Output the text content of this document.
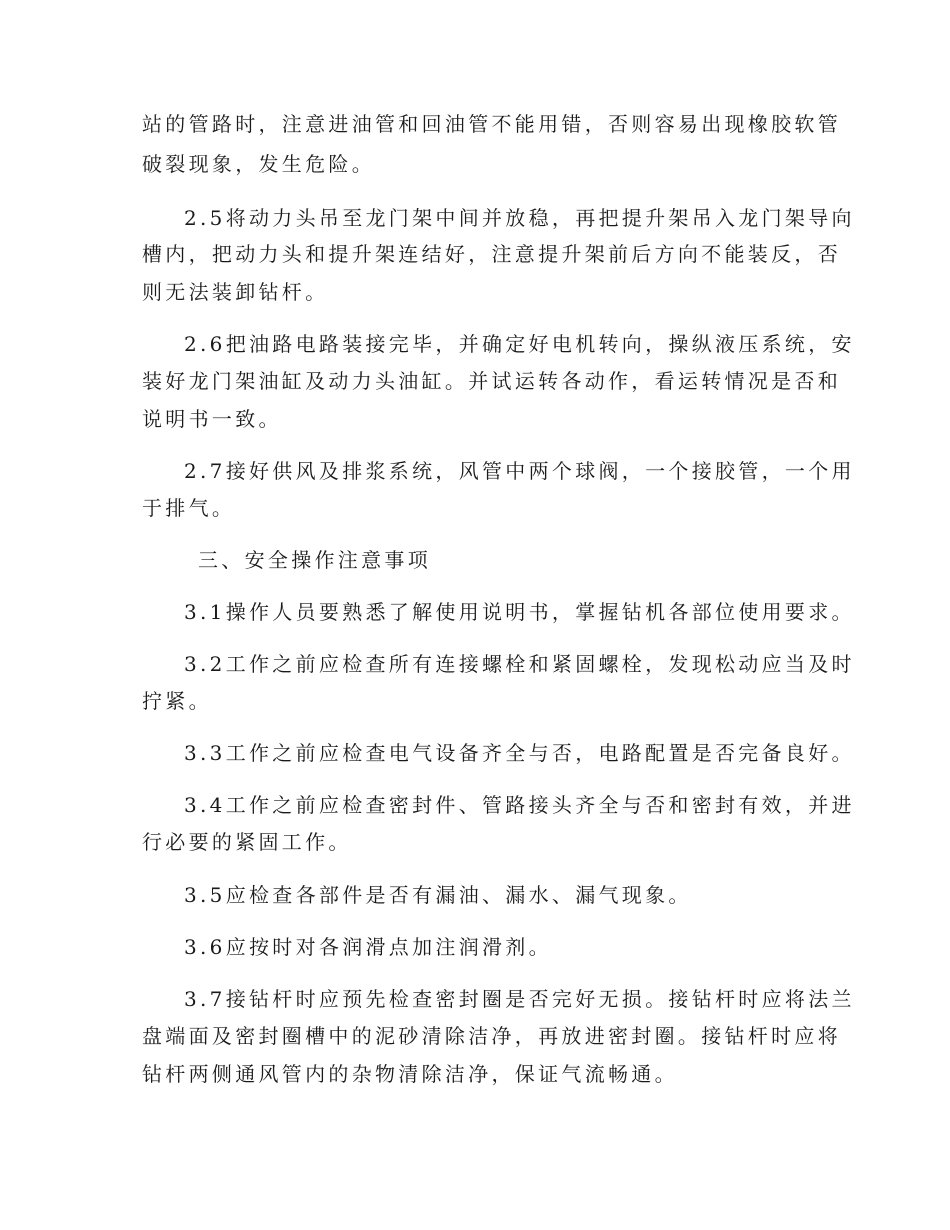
站的管路时，注意进油管和回油管不能用错，否则容易出现橡胶软管
破裂现象，发生危险。
2.5将动力头吊至龙门架中间并放稳，再把提升架吊入龙门架导向
槽内，把动力头和提升架连结好，注意提升架前后方向不能装反，否
则无法装卸钻杆。
2.6把油路电路装接完毕，并确定好电机转向，操纵液压系统，安
装好龙门架油缸及动力头油缸。并试运转各动作，看运转情况是否和
说明书一致。
2.7接好供风及排浆系统，风管中两个球阀，一个接胶管，一个用
于排气。
三、安全操作注意事项
3.1操作人员要熟悉了解使用说明书，掌握钻机各部位使用要求。
3.2工作之前应检查所有连接螺栓和紧固螺栓，发现松动应当及时
拧紧。
3.3工作之前应检查电气设备齐全与否，电路配置是否完备良好。
3.4工作之前应检查密封件、管路接头齐全与否和密封有效，并进
行必要的紧固工作。
3.5应检查各部件是否有漏油、漏水、漏气现象。
3.6应按时对各润滑点加注润滑剂。
3.7接钻杆时应预先检查密封圈是否完好无损。接钻杆时应将法兰
盘端面及密封圈槽中的泥砂清除洁净，再放进密封圈。接钻杆时应将
钻杆两侧通风管内的杂物清除洁净，保证气流畅通。
